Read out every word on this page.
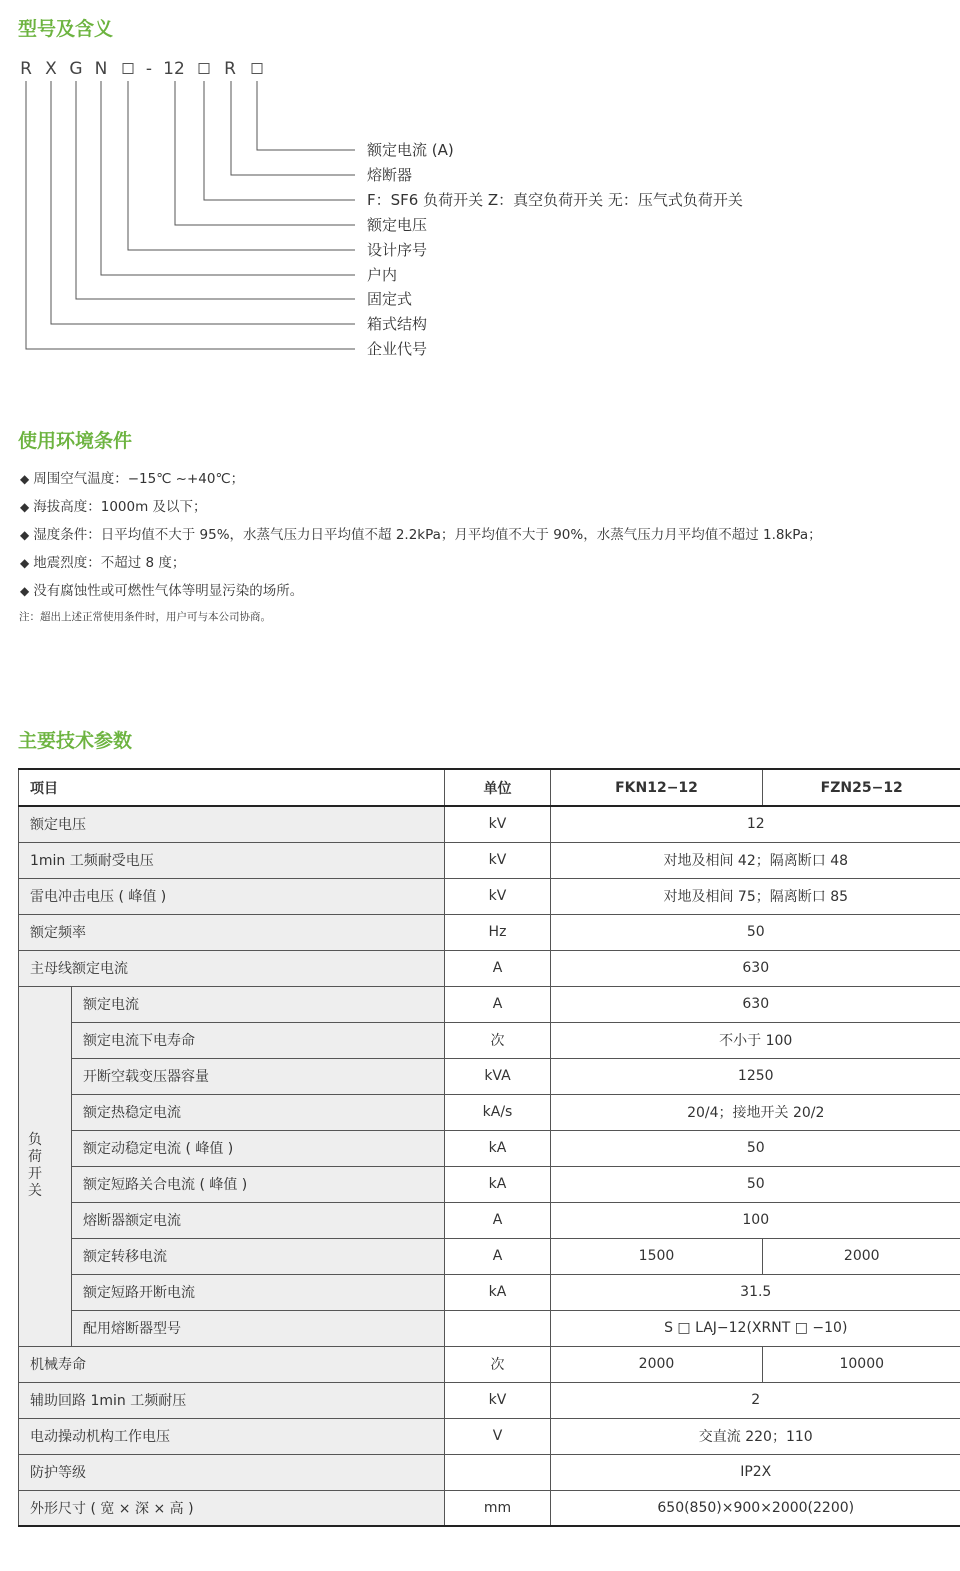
型号及含义
R X G N - 12 R
额定电流 (A)
熔断器
F：SF6 负荷开关 Z：真空负荷开关 无：压气式负荷开关
额定电压
设计序号
户内
固定式
箱式结构
企业代号
使用环境条件
◆ 周围空气温度：−15℃ ~+40℃；
◆ 海拔高度：1000m 及以下；
◆ 湿度条件：日平均值不大于 95%，水蒸气压力日平均值不超 2.2kPa；月平均值不大于 90%，水蒸气压力月平均值不超过 1.8kPa；
◆ 地震烈度：不超过 8 度；
◆ 没有腐蚀性或可燃性气体等明显污染的场所。
注：超出上述正常使用条件时，用户可与本公司协商。
主要技术参数
项目		单位	FKN12−12	FZN25−12
额定电压		kV	12	
1min 工频耐受电压		kV	对地及相间 42；隔离断口 48	
雷电冲击电压 ( 峰值 )		kV	对地及相间 75；隔离断口 85	
额定频率		Hz	50	
主母线额定电流		A	630	
负荷开关	额定电流	A	630	
	额定电流下电寿命	次	不小于 100	
	开断空载变压器容量	kVA	1250	
	额定热稳定电流	kA/s	20/4；接地开关 20/2	
	额定动稳定电流 ( 峰值 )	kA	50	
	额定短路关合电流 ( 峰值 )	kA	50	
	熔断器额定电流	A	100	
	额定转移电流	A	1500	2000
	额定短路开断电流	kA	31.5	
	配用熔断器型号		S □ LAJ−12(XRNT □ −10)	
机械寿命		次	2000	10000
辅助回路 1min 工频耐压		kV	2	
电动操动机构工作电压		V	交直流 220；110	
防护等级			IP2X	
外形尺寸 ( 宽 × 深 × 高 )		mm	650(850)×900×2000(2200)	
